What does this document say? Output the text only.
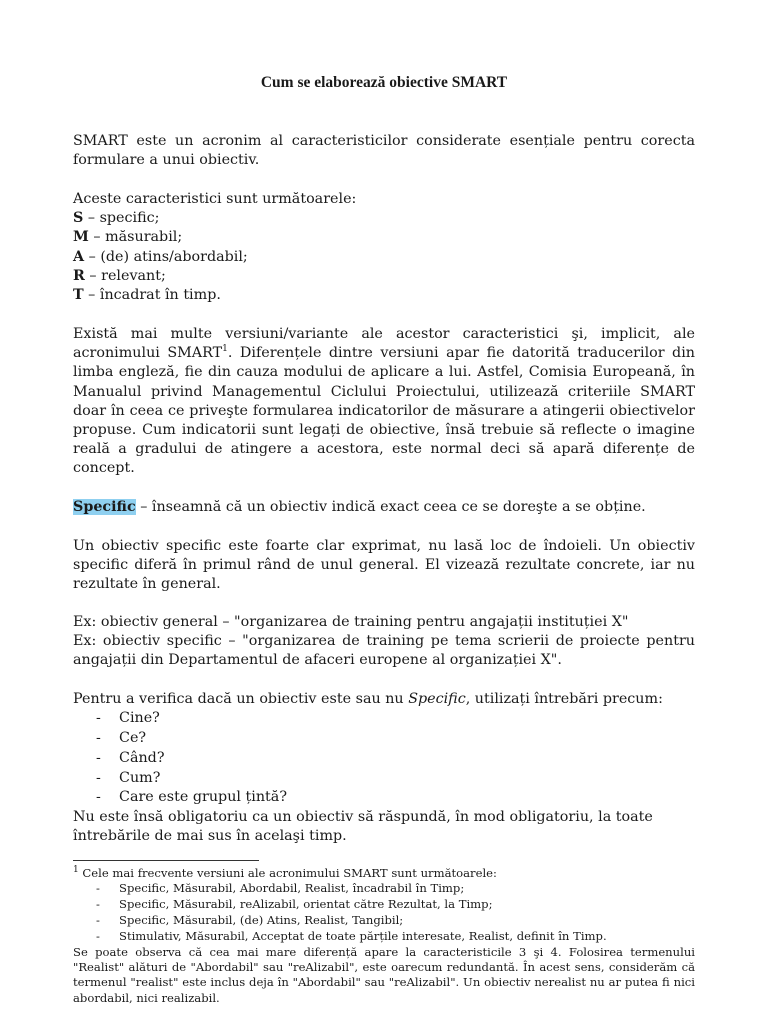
Cum se elaborează obiective SMART

SMART este un acronim al caracteristicilor considerate esențiale pentru corecta formulare a unui obiectiv.

Aceste caracteristici sunt următoarele:

S – specific;

M – măsurabil;

A – (de) atins/abordabil;

R – relevant;

T – încadrat în timp.

Există mai multe versiuni/variante ale acestor caracteristici şi, implicit, ale acronimului SMART$^1$. Diferențele dintre versiuni apar fie datorită traducerilor din limba engleză, fie din cauza modului de aplicare a lui. Astfel, Comisia Europeană, în Manualul privind Managementul Ciclului Proiectului, utilizează criteriile SMART doar în ceea ce priveşte formularea indicatorilor de măsurare a atingerii obiectivelor propuse. Cum indicatorii sunt legați de obiective, însă trebuie să reflecte o imagine reală a gradului de atingere a acestora, este normal deci să apară diferențe de concept.

Specific – înseamnă că un obiectiv indică exact ceea ce se doreşte a se obține.

Un obiectiv specific este foarte clar exprimat, nu lasă loc de îndoieli. Un obiectiv specific diferă în primul rând de unul general. El vizează rezultate concrete, iar nu rezultate în general.

Ex: obiectiv general – "organizarea de training pentru angajații instituției X"

Ex: obiectiv specific – "organizarea de training pe tema scrierii de proiecte pentru angajații din Departamentul de afaceri europene al organizației X".

Pentru a verifica dacă un obiectiv este sau nu Specific, utilizați întrebări precum:

- Cine?
- Ce?
- Când?
- Cum?
- Care este grupul țintă?

Nu este însă obligatoriu ca un obiectiv să răspundă, în mod obligatoriu, la toate întrebările de mai sus în acelaşi timp.

$^1$ Cele mai frecvente versiuni ale acronimului SMART sunt următoarele:

- Specific, Măsurabil, Abordabil, Realist, încadrabil în Timp;
- Specific, Măsurabil, reAlizabil, orientat către Rezultat, la Timp;
- Specific, Măsurabil, (de) Atins, Realist, Tangibil;
- Stimulativ, Măsurabil, Acceptat de toate părțile interesate, Realist, definit în Timp.

Se poate observa că cea mai mare diferență apare la caracteristicile 3 şi 4. Folosirea termenului "Realist" alături de "Abordabil" sau "reAlizabil", este oarecum redundantă. În acest sens, considerăm că termenul "realist" este inclus deja în "Abordabil" sau "reAlizabil". Un obiectiv nerealist nu ar putea fi nici abordabil, nici realizabil.
